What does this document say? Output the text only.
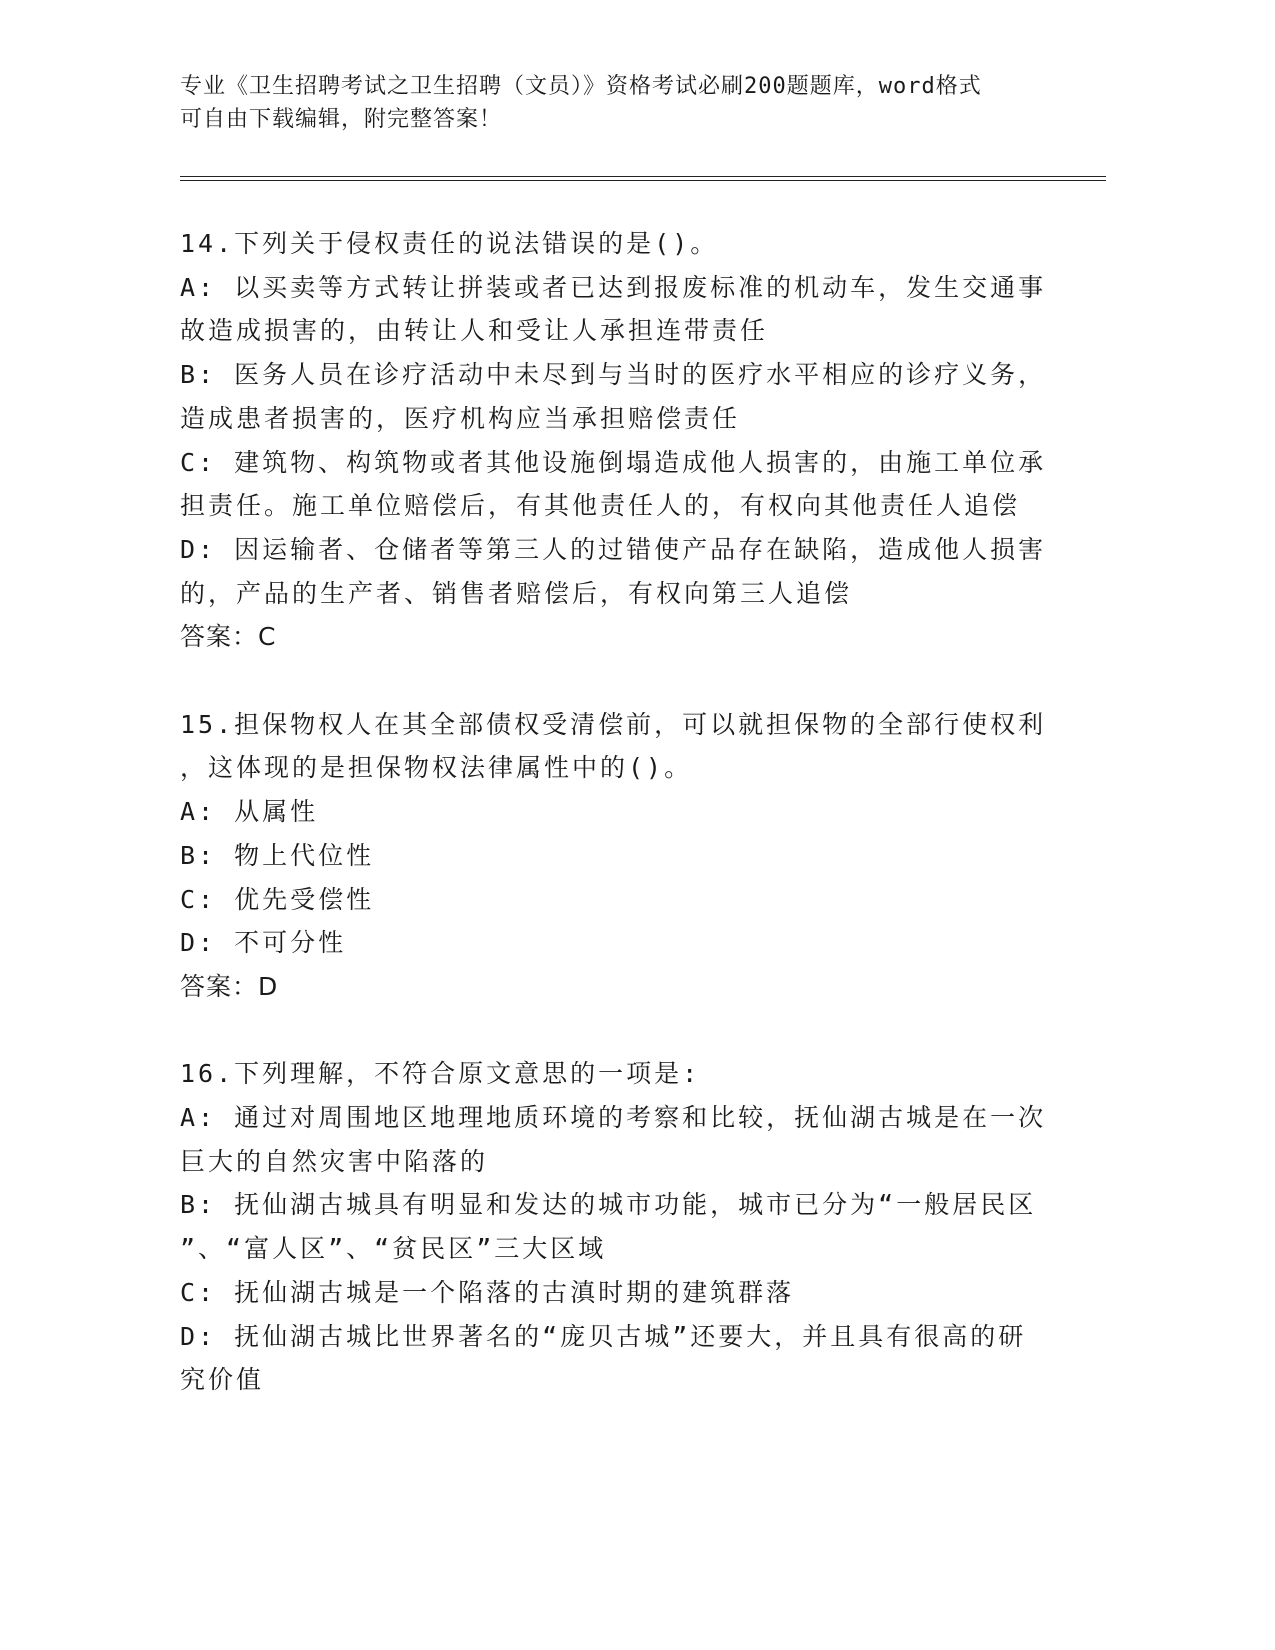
专业《卫生招聘考试之卫生招聘（文员）》资格考试必刷200题题库，word格式
可自由下载编辑，附完整答案！
14.下列关于侵权责任的说法错误的是()。
A: 以买卖等方式转让拼装或者已达到报废标准的机动车，发生交通事
故造成损害的，由转让人和受让人承担连带责任
B: 医务人员在诊疗活动中未尽到与当时的医疗水平相应的诊疗义务，
造成患者损害的，医疗机构应当承担赔偿责任
C: 建筑物、构筑物或者其他设施倒塌造成他人损害的，由施工单位承
担责任。施工单位赔偿后，有其他责任人的，有权向其他责任人追偿
D: 因运输者、仓储者等第三人的过错使产品存在缺陷，造成他人损害
的，产品的生产者、销售者赔偿后，有权向第三人追偿
答案：C
15.担保物权人在其全部债权受清偿前，可以就担保物的全部行使权利
，这体现的是担保物权法律属性中的()。
A: 从属性
B: 物上代位性
C: 优先受偿性
D: 不可分性
答案：D
16.下列理解，不符合原文意思的一项是:
A: 通过对周围地区地理地质环境的考察和比较，抚仙湖古城是在一次
巨大的自然灾害中陷落的
B: 抚仙湖古城具有明显和发达的城市功能，城市已分为“一般居民区
”、“富人区”、“贫民区”三大区域
C: 抚仙湖古城是一个陷落的古滇时期的建筑群落
D: 抚仙湖古城比世界著名的“庞贝古城”还要大，并且具有很高的研
究价值
